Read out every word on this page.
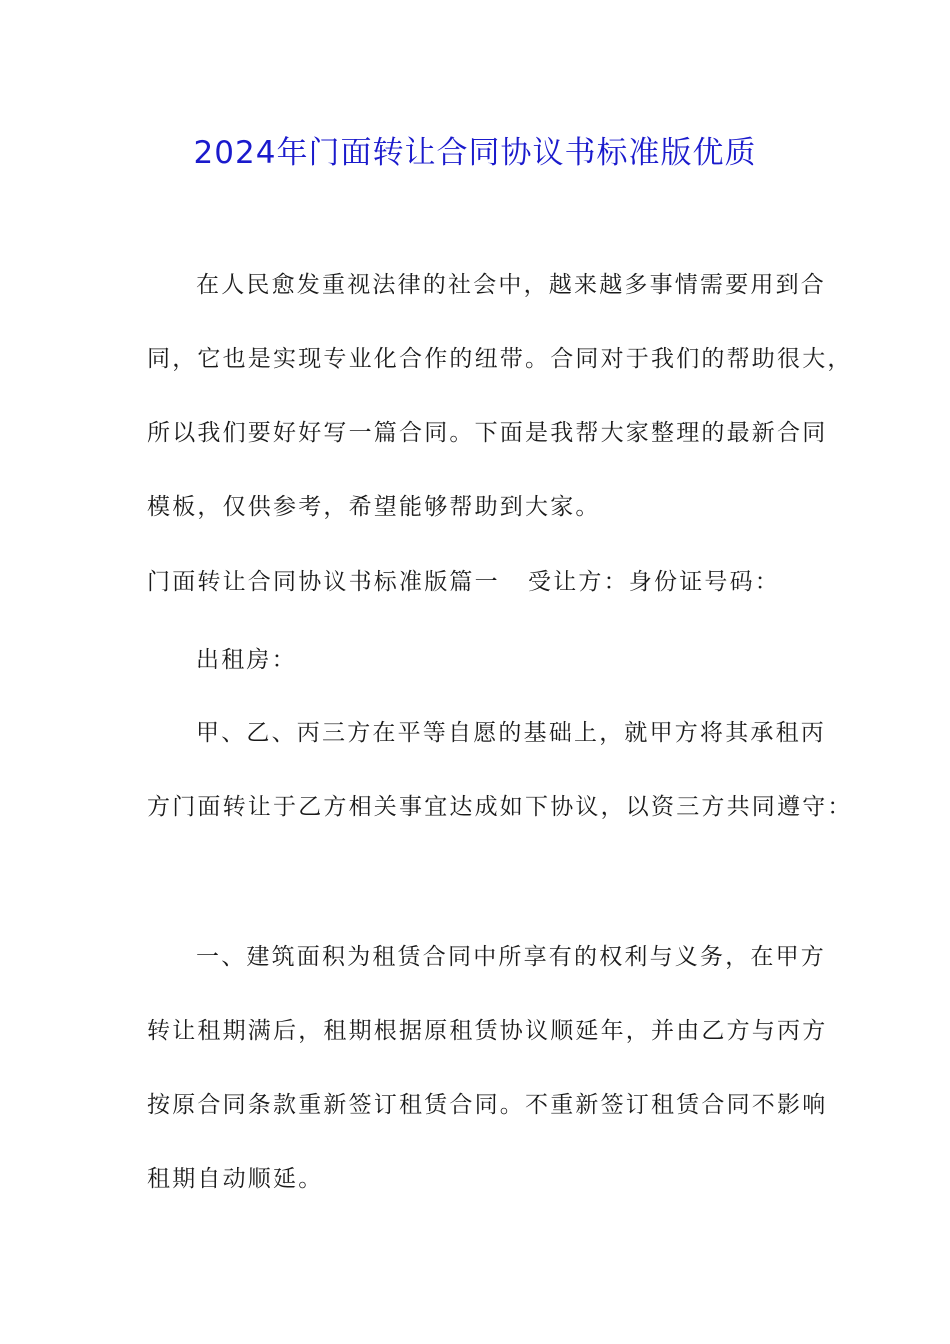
2024年门面转让合同协议书标准版优质
在人民愈发重视法律的社会中，越来越多事情需要用到合
同，它也是实现专业化合作的纽带。合同对于我们的帮助很大，
所以我们要好好写一篇合同。下面是我帮大家整理的最新合同
模板，仅供参考，希望能够帮助到大家。
门面转让合同协议书标准版篇一 受让方：身份证号码：
出租房：
甲、乙、丙三方在平等自愿的基础上，就甲方将其承租丙
方门面转让于乙方相关事宜达成如下协议，以资三方共同遵守：
一、建筑面积为租赁合同中所享有的权利与义务，在甲方
转让租期满后，租期根据原租赁协议顺延年，并由乙方与丙方
按原合同条款重新签订租赁合同。不重新签订租赁合同不影响
租期自动顺延。
